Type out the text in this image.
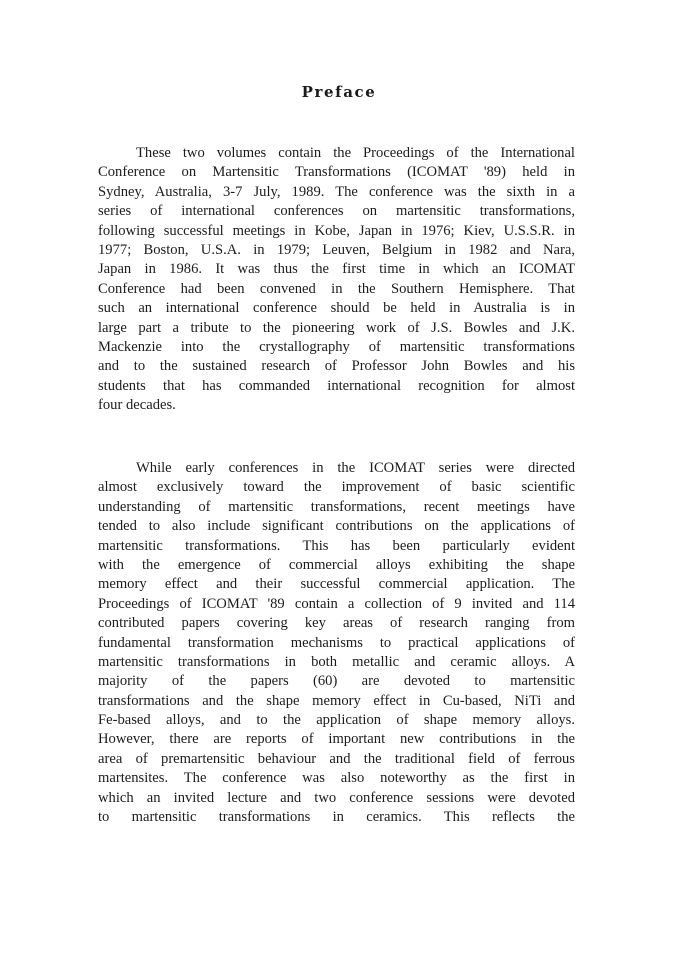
Preface
These two volumes contain the Proceedings of the International
Conference on Martensitic Transformations (ICOMAT '89) held in
Sydney, Australia, 3-7 July, 1989. The conference was the sixth in a
series of international conferences on martensitic transformations,
following successful meetings in Kobe, Japan in 1976; Kiev, U.S.S.R. in
1977; Boston, U.S.A. in 1979; Leuven, Belgium in 1982 and Nara,
Japan in 1986. It was thus the first time in which an ICOMAT
Conference had been convened in the Southern Hemisphere. That
such an international conference should be held in Australia is in
large part a tribute to the pioneering work of J.S. Bowles and J.K.
Mackenzie into the crystallography of martensitic transformations
and to the sustained research of Professor John Bowles and his
students that has commanded international recognition for almost
four decades.
While early conferences in the ICOMAT series were directed
almost exclusively toward the improvement of basic scientific
understanding of martensitic transformations, recent meetings have
tended to also include significant contributions on the applications of
martensitic transformations. This has been particularly evident
with the emergence of commercial alloys exhibiting the shape
memory effect and their successful commercial application. The
Proceedings of ICOMAT '89 contain a collection of 9 invited and 114
contributed papers covering key areas of research ranging from
fundamental transformation mechanisms to practical applications of
martensitic transformations in both metallic and ceramic alloys. A
majority of the papers (60) are devoted to martensitic
transformations and the shape memory effect in Cu-based, NiTi and
Fe-based alloys, and to the application of shape memory alloys.
However, there are reports of important new contributions in the
area of premartensitic behaviour and the traditional field of ferrous
martensites. The conference was also noteworthy as the first in
which an invited lecture and two conference sessions were devoted
to martensitic transformations in ceramics. This reflects the
